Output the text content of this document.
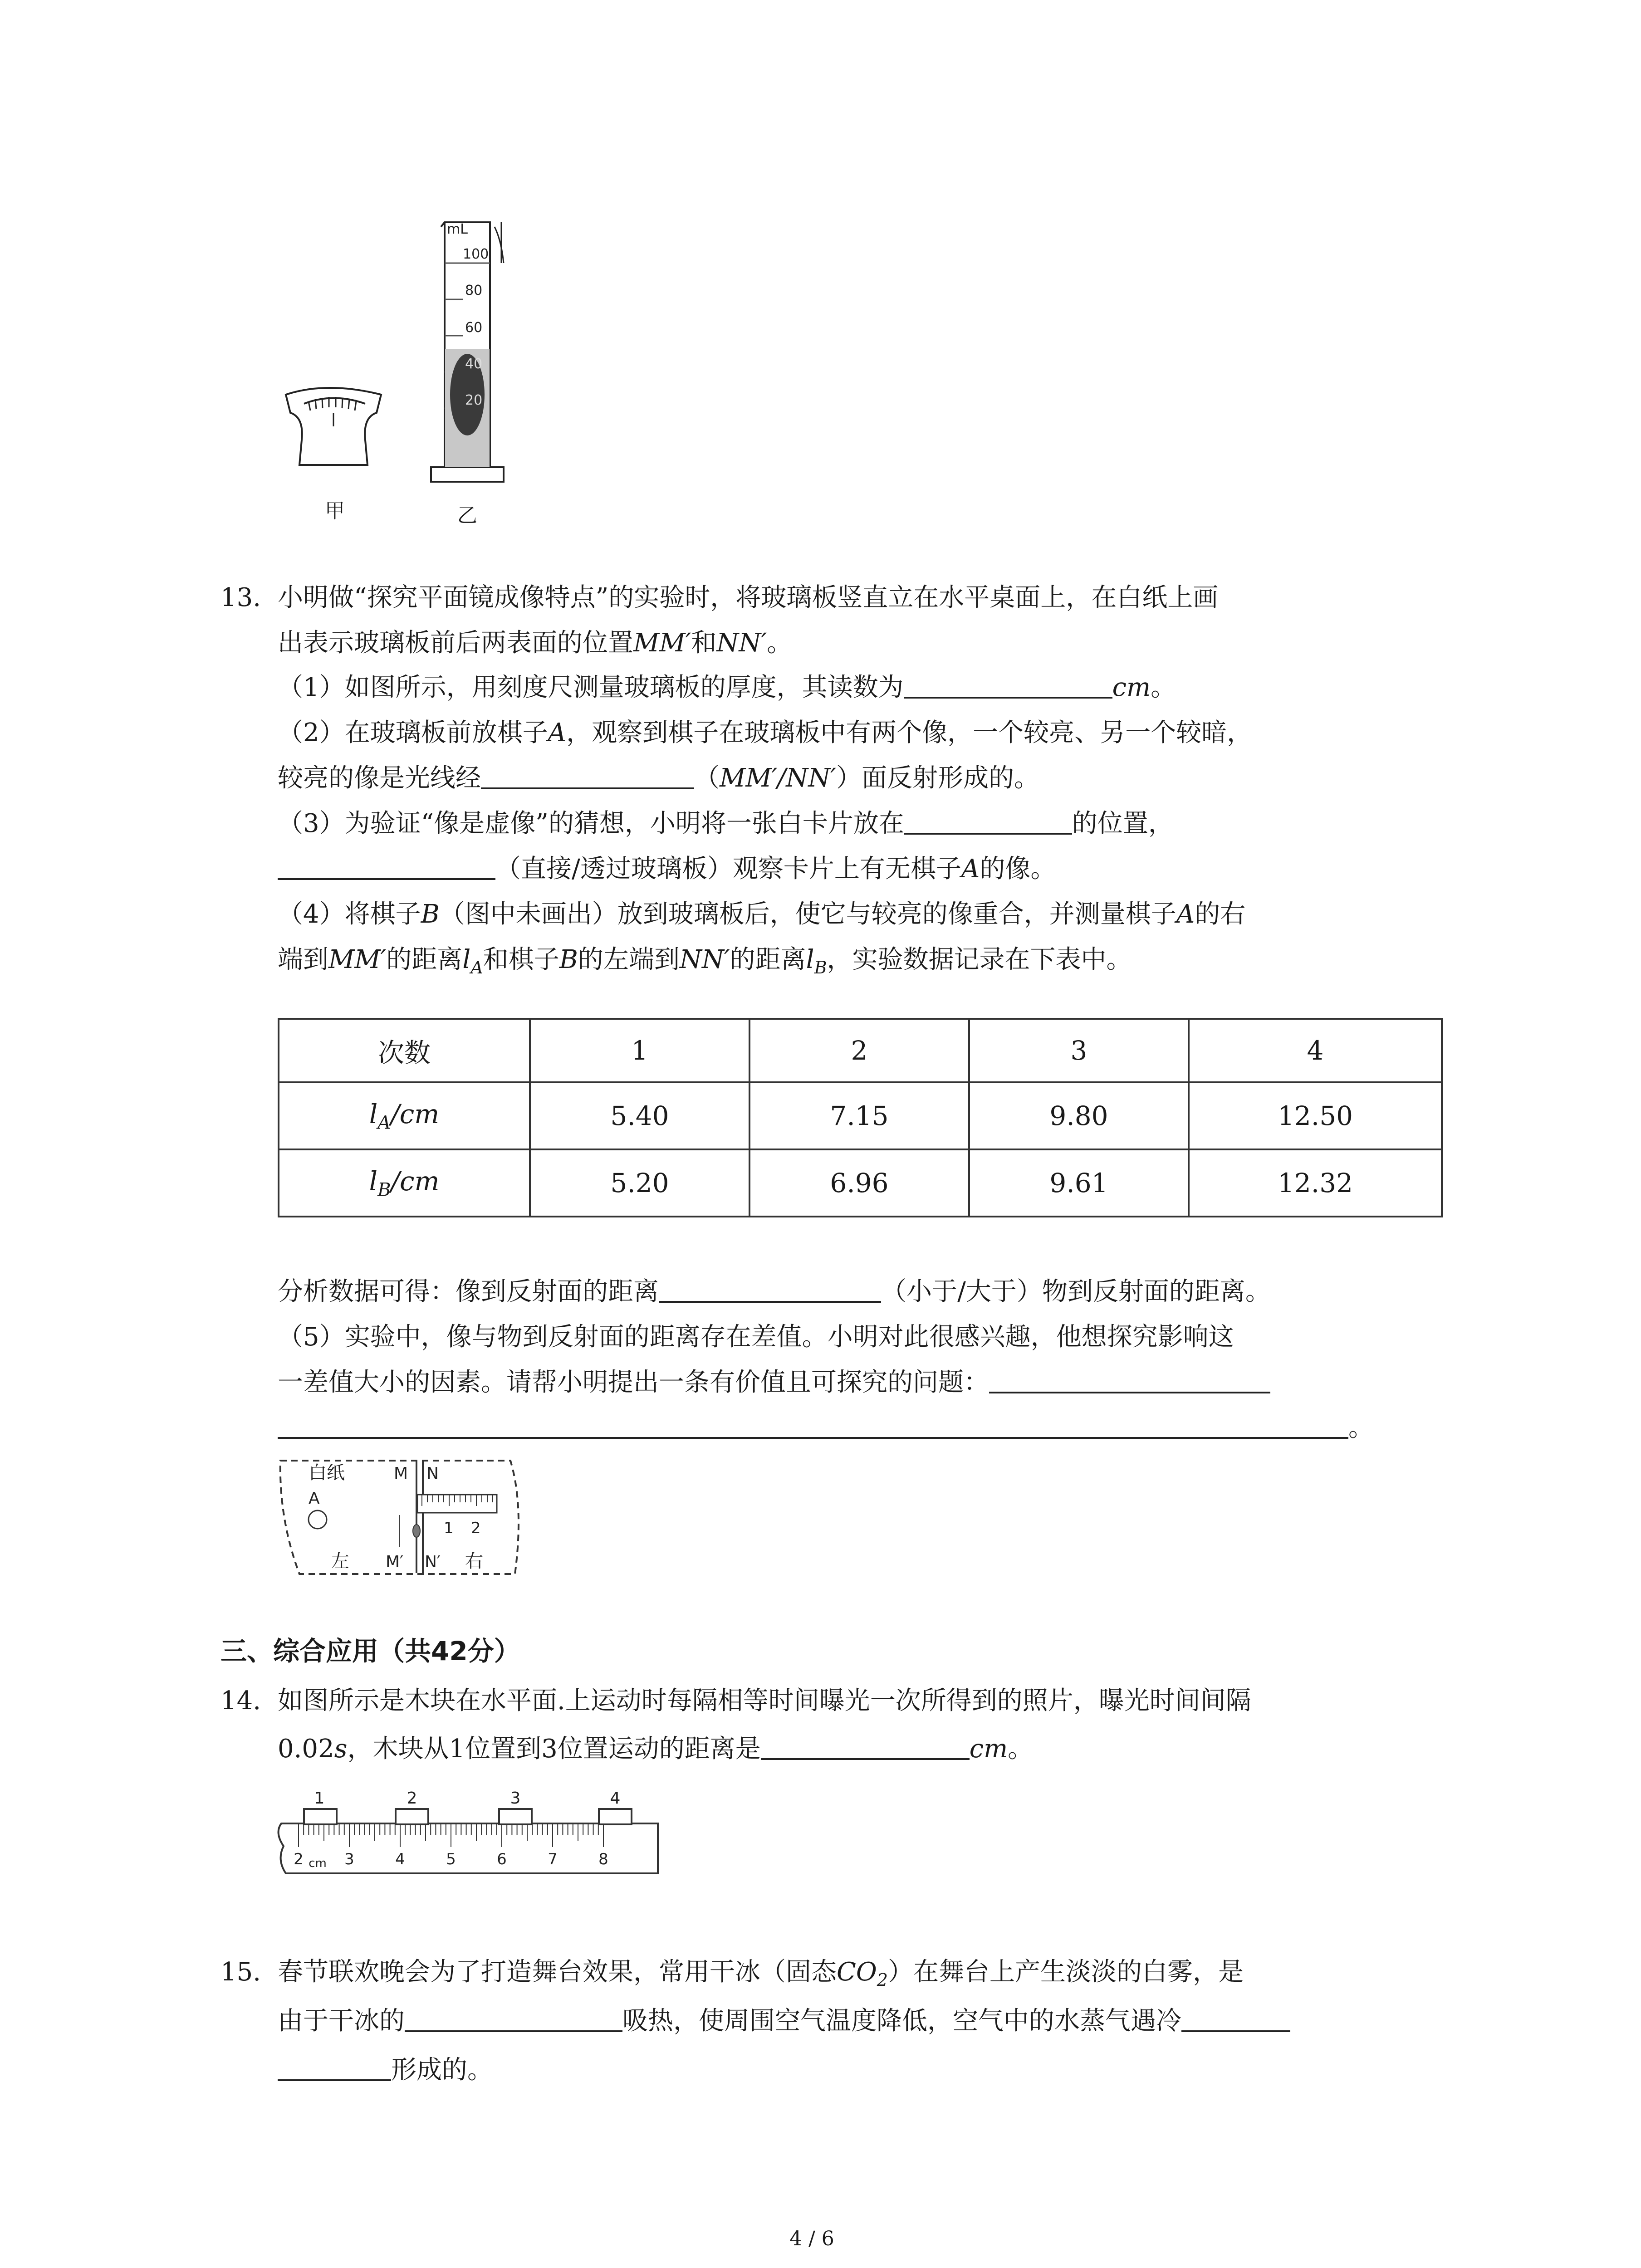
mL
100
80
60
40
20
甲	乙
13. 小明做“探究平面镜成像特点”的实验时，将玻璃板竖直立在水平桌面上，在白纸上画
出表示玻璃板前后两表面的位置MM′和NN′。
（1）如图所示，用刻度尺测量玻璃板的厚度，其读数为	cm。
（2）在玻璃板前放棋子A，观察到棋子在玻璃板中有两个像，一个较亮、另一个较暗，
较亮的像是光线经	（MM′/NN′）面反射形成的。
（3）为验证“像是虚像”的猜想，小明将一张白卡片放在	的位置，
（直接/透过玻璃板）观察卡片上有无棋子A的像。
（4）将棋子B（图中未画出）放到玻璃板后，使它与较亮的像重合，并测量棋子A的右
端到MM′的距离$l_A$和棋子B的左端到NN′的距离$l_B$，实验数据记录在下表中。
次数	1	2	3	4
$l_A/cm$	5.40	7.15	9.80	12.50
$l_B/cm$	5.20	6.96	9.61	12.32
分析数据可得：像到反射面的距离	（小于/大于）物到反射面的距离。
（5）实验中，像与物到反射面的距离存在差值。小明对此很感兴趣，他想探究影响这
一差值大小的因素。请帮小明提出一条有价值且可探究的问题：
。
白纸
A
M N
1 2
左 M′ N′ 右
三、综合应用（共42分）
14. 如图所示是木块在水平面.上运动时每隔相等时间曝光一次所得到的照片，曝光时间间隔
0.02s，木块从1位置到3位置运动的距离是	cm。
1	2	3	4
2 cm 3	4	5	6	7	8
15. 春节联欢晚会为了打造舞台效果，常用干冰（固态$CO_2$）在舞台上产生淡淡的白雾，是
由于干冰的	吸热，使周围空气温度降低，空气中的水蒸气遇冷
形成的。
4 / 6
